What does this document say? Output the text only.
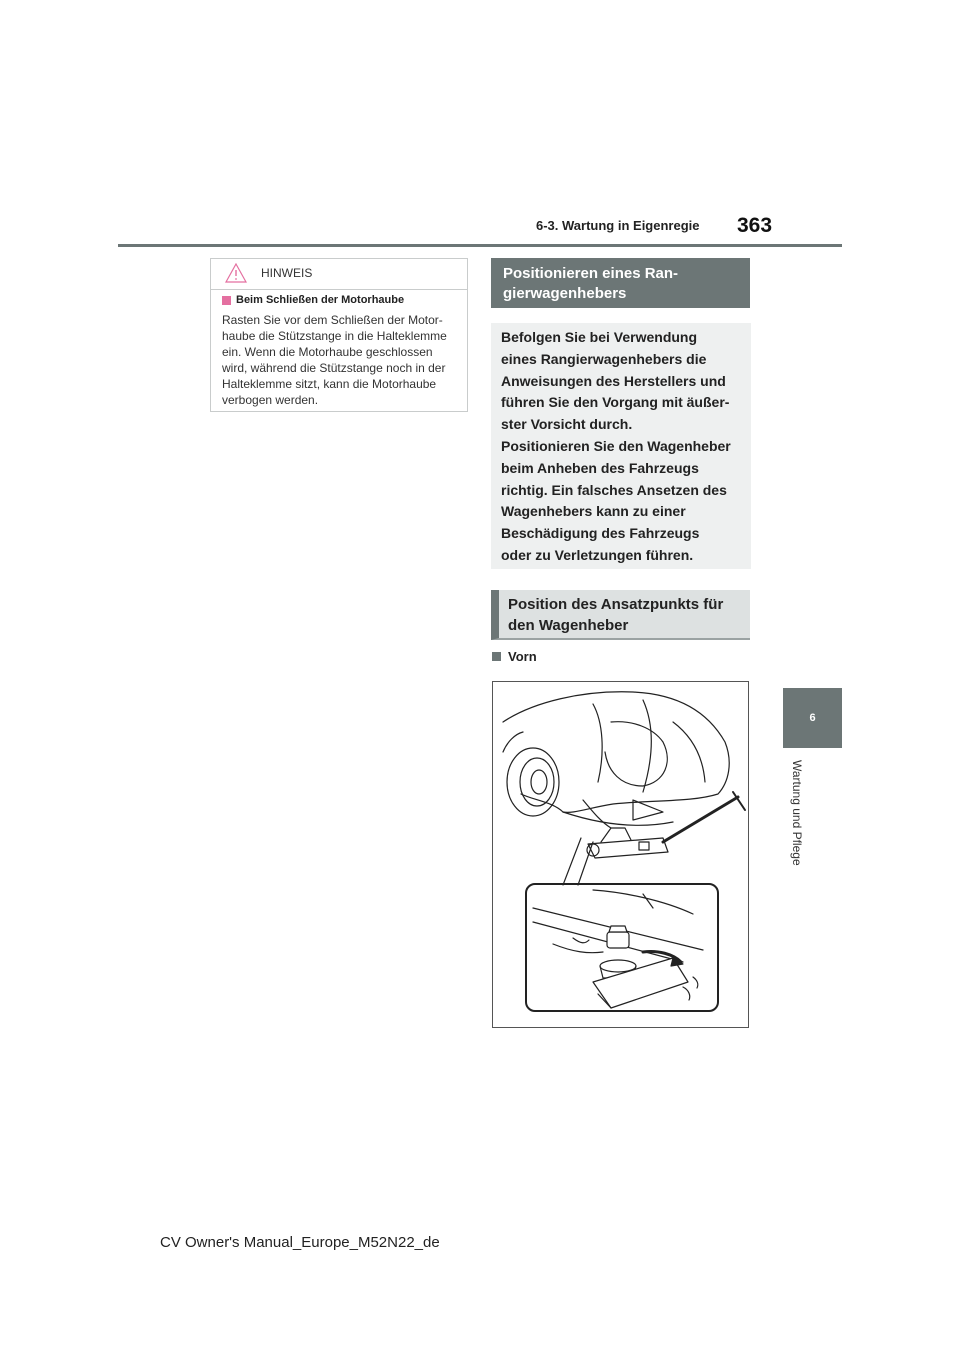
6-3. Wartung in Eigenregie 363
6
Wartung und Pflege
HINWEIS
Beim Schließen der Motorhaube
Rasten Sie vor dem Schließen der Motor-
haube die Stützstange in die Halteklemme
ein. Wenn die Motorhaube geschlossen
wird, während die Stützstange noch in der
Halteklemme sitzt, kann die Motorhaube
verbogen werden.
Positionieren eines Ran-
gierwagenhebers

Befolgen Sie bei Verwendung

eines Rangierwagenhebers die

Anweisungen des Herstellers und

führen Sie den Vorgang mit äußer-

ster Vorsicht durch.

Positionieren Sie den Wagenheber

beim Anheben des Fahrzeugs

richtig. Ein falsches Ansetzen des

Wagenhebers kann zu einer

Beschädigung des Fahrzeugs

oder zu Verletzungen führen.

Position des Ansatzpunkts für
den Wagenheber
Vorn
CV Owner's Manual_Europe_M52N22_de
